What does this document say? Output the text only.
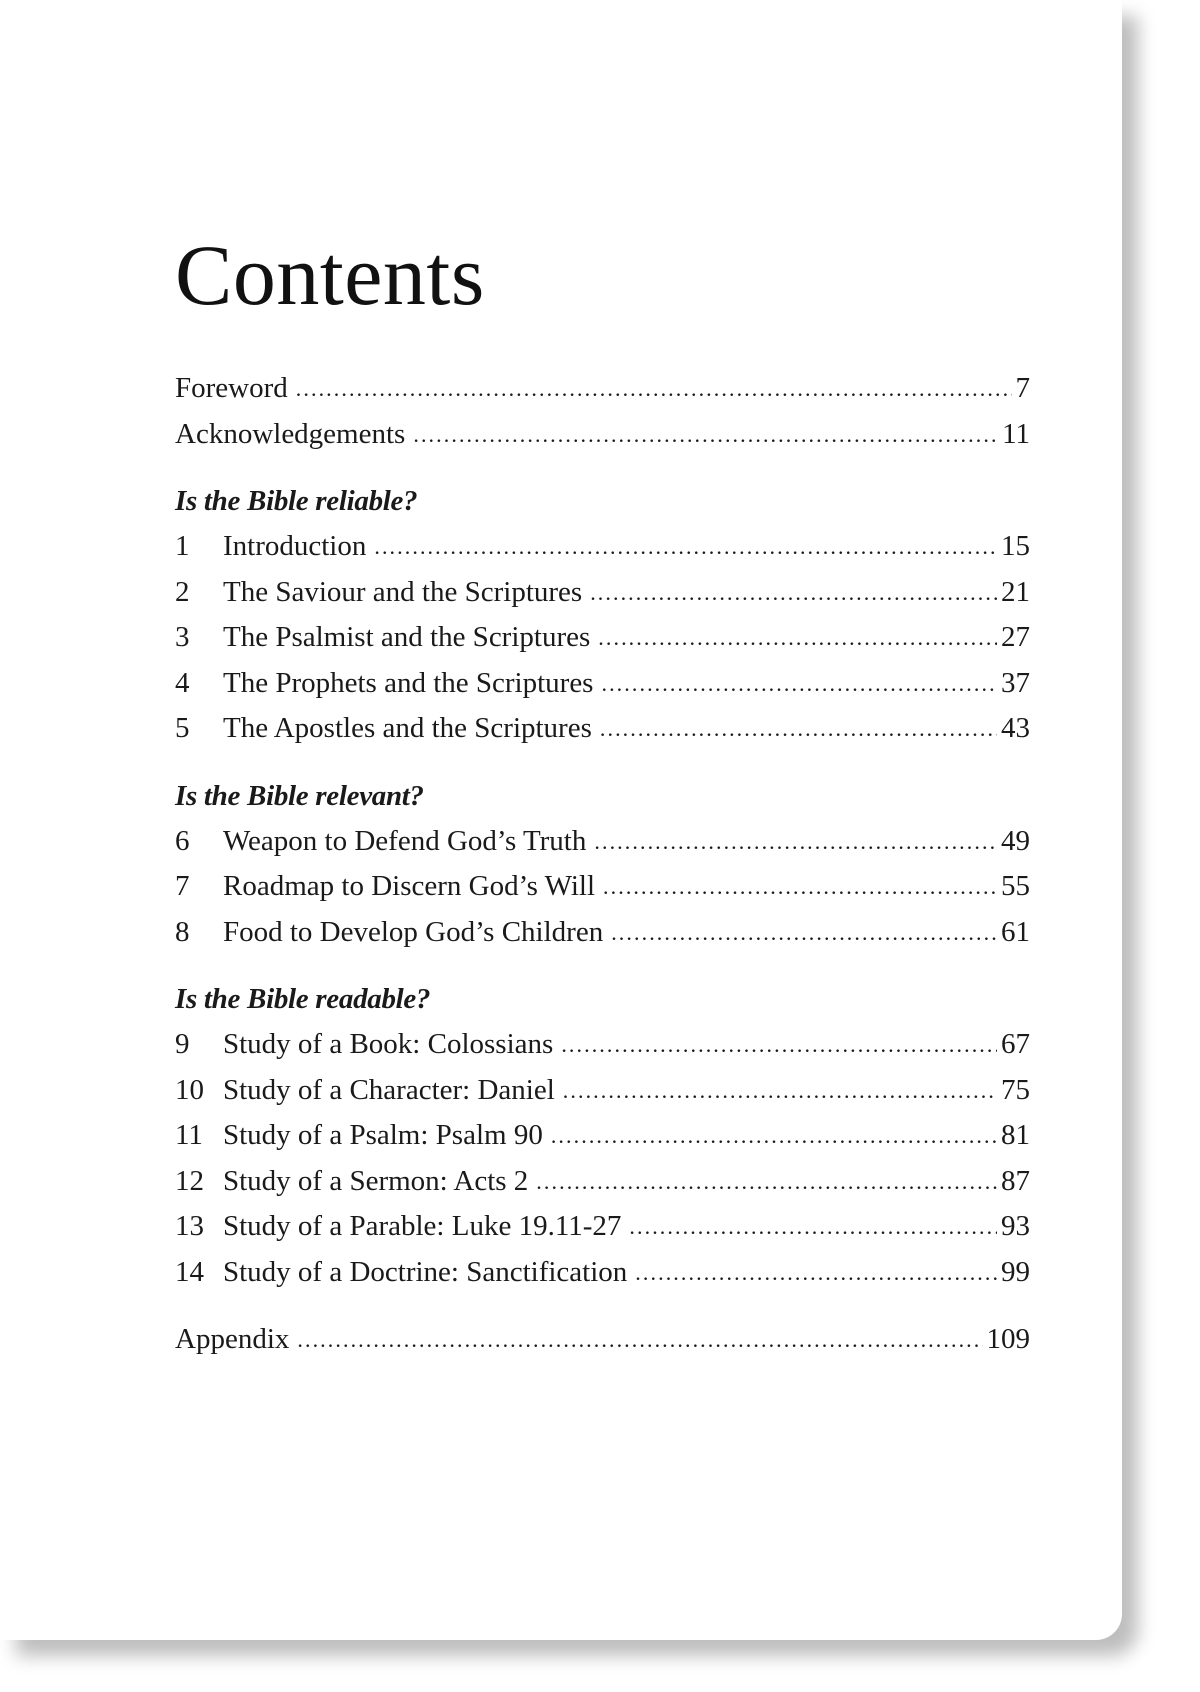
Contents
Foreword .....	7
Acknowledgements .....	11
Is the Bible reliable?
1	Introduction .....	15
2	The Saviour and the Scriptures .....	21
3	The Psalmist and the Scriptures .....	27
4	The Prophets and the Scriptures .....	37
5	The Apostles and the Scriptures .....	43
Is the Bible relevant?
6	Weapon to Defend God’s Truth .....	49
7	Roadmap to Discern God’s Will .....	55
8	Food to Develop God’s Children .....	61
Is the Bible readable?
9	Study of a Book: Colossians .....	67
10 Study of a Character: Daniel .....	75
11 Study of a Psalm: Psalm 90 .....	81
12 Study of a Sermon: Acts 2 .....	87
13 Study of a Parable: Luke 19.11-27 .....	93
14 Study of a Doctrine: Sanctification .....	99
Appendix .....	109
